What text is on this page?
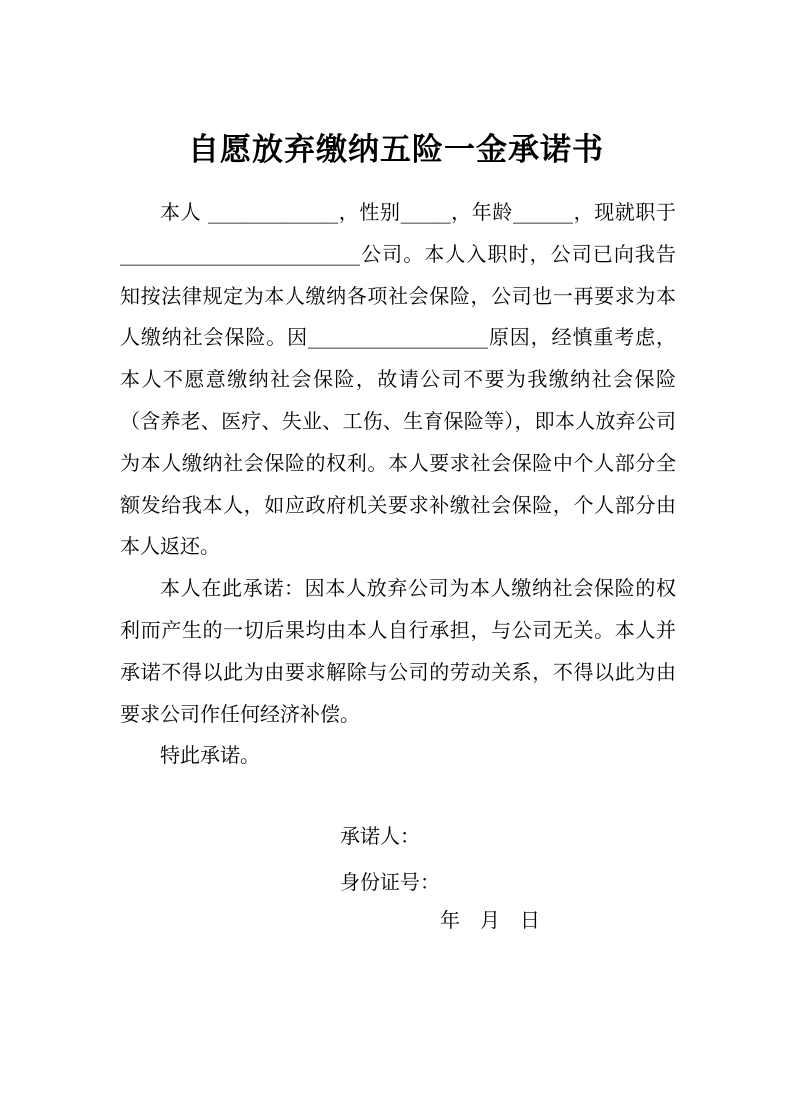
自愿放弃缴纳五险一金承诺书

本人 _____________，性别_____，年龄______，现就职于________________________公司。本人入职时，公司已向我告知按法律规定为本人缴纳各项社会保险，公司也一再要求为本人缴纳社会保险。因__________________原因，经慎重考虑，本人不愿意缴纳社会保险，故请公司不要为我缴纳社会保险（含养老、医疗、失业、工伤、生育保险等），即本人放弃公司为本人缴纳社会保险的权利。本人要求社会保险中个人部分全额发给我本人，如应政府机关要求补缴社会保险，个人部分由本人返还。

本人在此承诺：因本人放弃公司为本人缴纳社会保险的权利而产生的一切后果均由本人自行承担，与公司无关。本人并承诺不得以此为由要求解除与公司的劳动关系，不得以此为由要求公司作任何经济补偿。

特此承诺。

承诺人：

身份证号：

年　月　日
